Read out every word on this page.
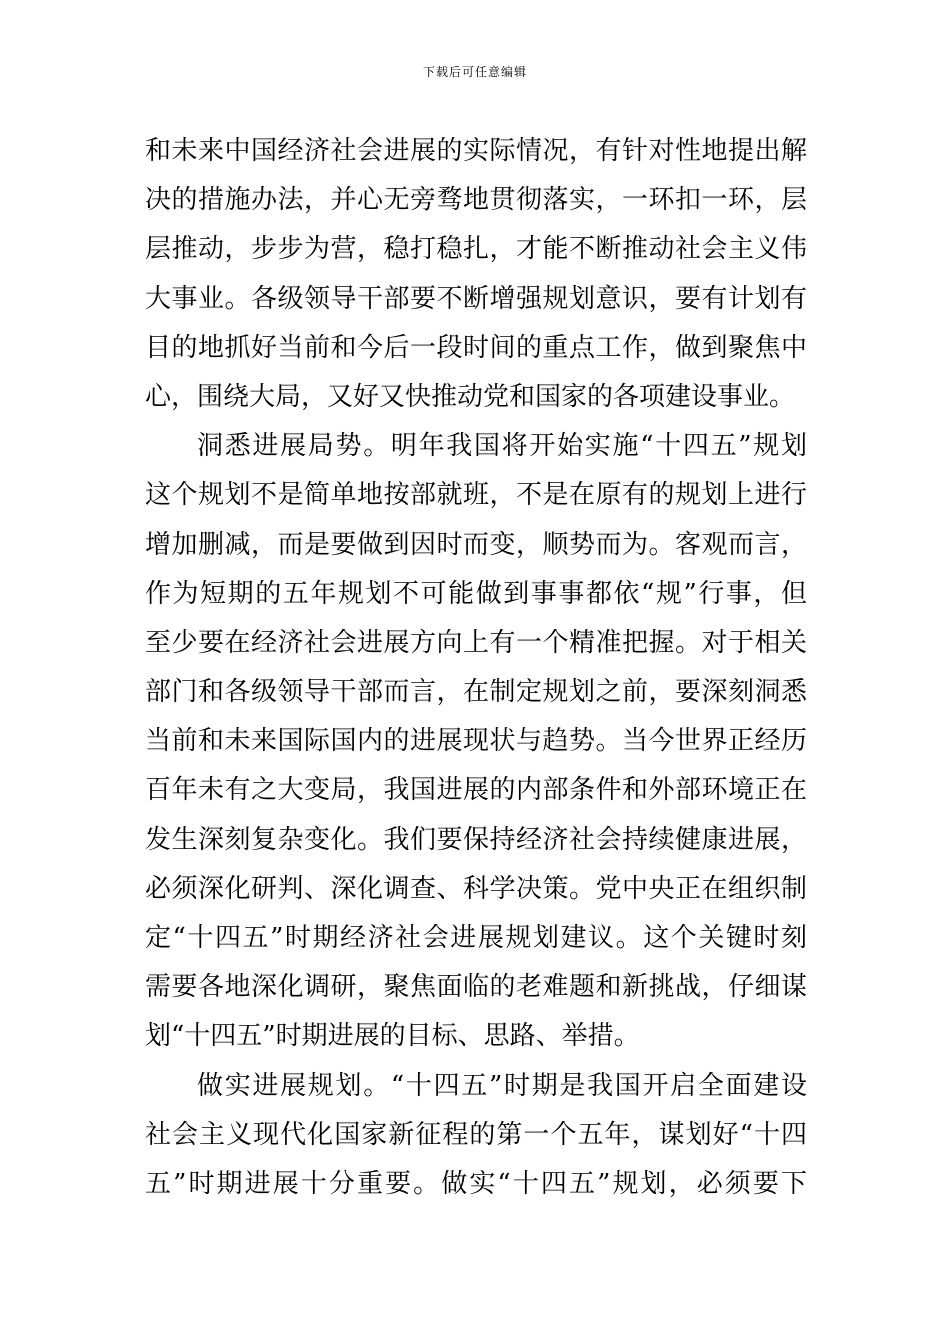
下载后可任意编辑
和未来中国经济社会进展的实际情况，有针对性地提出解
决的措施办法，并心无旁骛地贯彻落实，一环扣一环，层
层推动，步步为营，稳打稳扎，才能不断推动社会主义伟
大事业。各级领导干部要不断增强规划意识，要有计划有
目的地抓好当前和今后一段时间的重点工作，做到聚焦中
心，围绕大局，又好又快推动党和国家的各项建设事业。
洞悉进展局势。明年我国将开始实施“十四五”规划
这个规划不是简单地按部就班，不是在原有的规划上进行
增加删减，而是要做到因时而变，顺势而为。客观而言，
作为短期的五年规划不可能做到事事都依“规”行事，但
至少要在经济社会进展方向上有一个精准把握。对于相关
部门和各级领导干部而言，在制定规划之前，要深刻洞悉
当前和未来国际国内的进展现状与趋势。当今世界正经历
百年未有之大变局，我国进展的内部条件和外部环境正在
发生深刻复杂变化。我们要保持经济社会持续健康进展，
必须深化研判、深化调查、科学决策。党中央正在组织制
定“十四五”时期经济社会进展规划建议。这个关键时刻
需要各地深化调研，聚焦面临的老难题和新挑战，仔细谋
划“十四五”时期进展的目标、思路、举措。
做实进展规划。“十四五”时期是我国开启全面建设
社会主义现代化国家新征程的第一个五年，谋划好“十四
五”时期进展十分重要。做实“十四五”规划，必须要下
